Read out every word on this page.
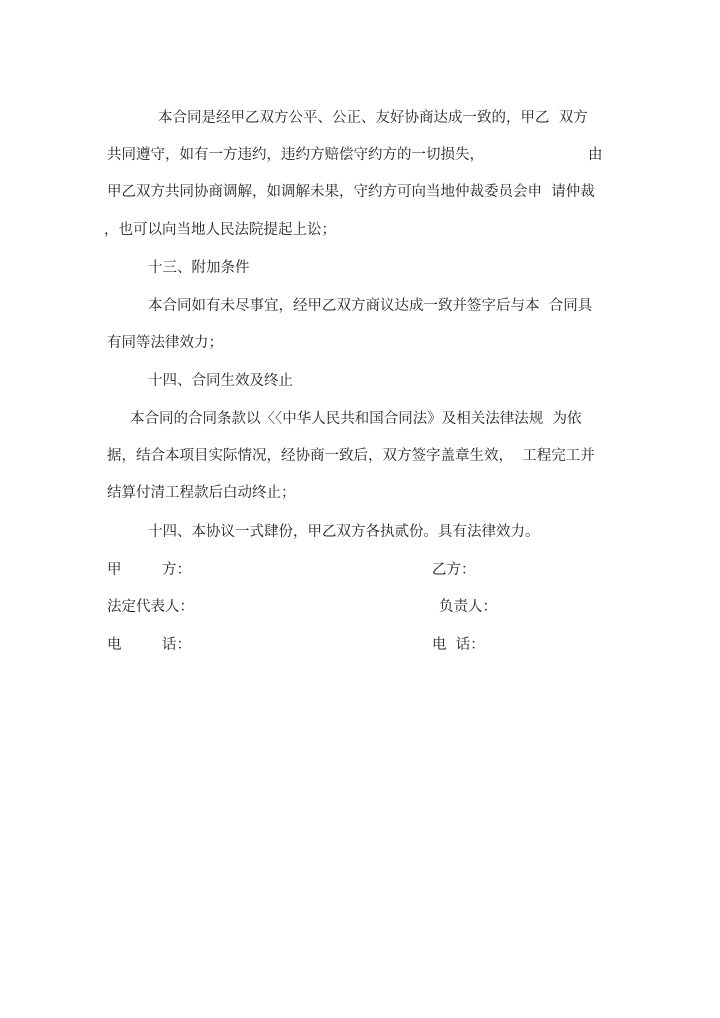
本合同是经甲乙双方公平、公正、友好协商达成一致的，甲乙  双方
共同遵守，如有一方违约，违约方赔偿守约方的一切损失，	由
甲乙双方共同协商调解，如调解未果，守约方可向当地仲裁委员会申  请仲裁
，也可以向当地人民法院提起上讼；
十三、附加条件
本合同如有未尽事宜，经甲乙双方商议达成一致并签字后与本  合同具
有同等法律效力；
十四、合同生效及终止
本合同的合同条款以〈〈中华人民共和国合同法》及相关法律法规  为依
据，结合本项目实际情况，经协商一致后，双方签字盖章生效，  工程完工并
结算付清工程款后白动终止；
十四、本协议一式肆份，甲乙双方各执贰份。具有法律效力。
甲	方：	乙方：
法定代表人：	负责人：
电	话：	电  话：
